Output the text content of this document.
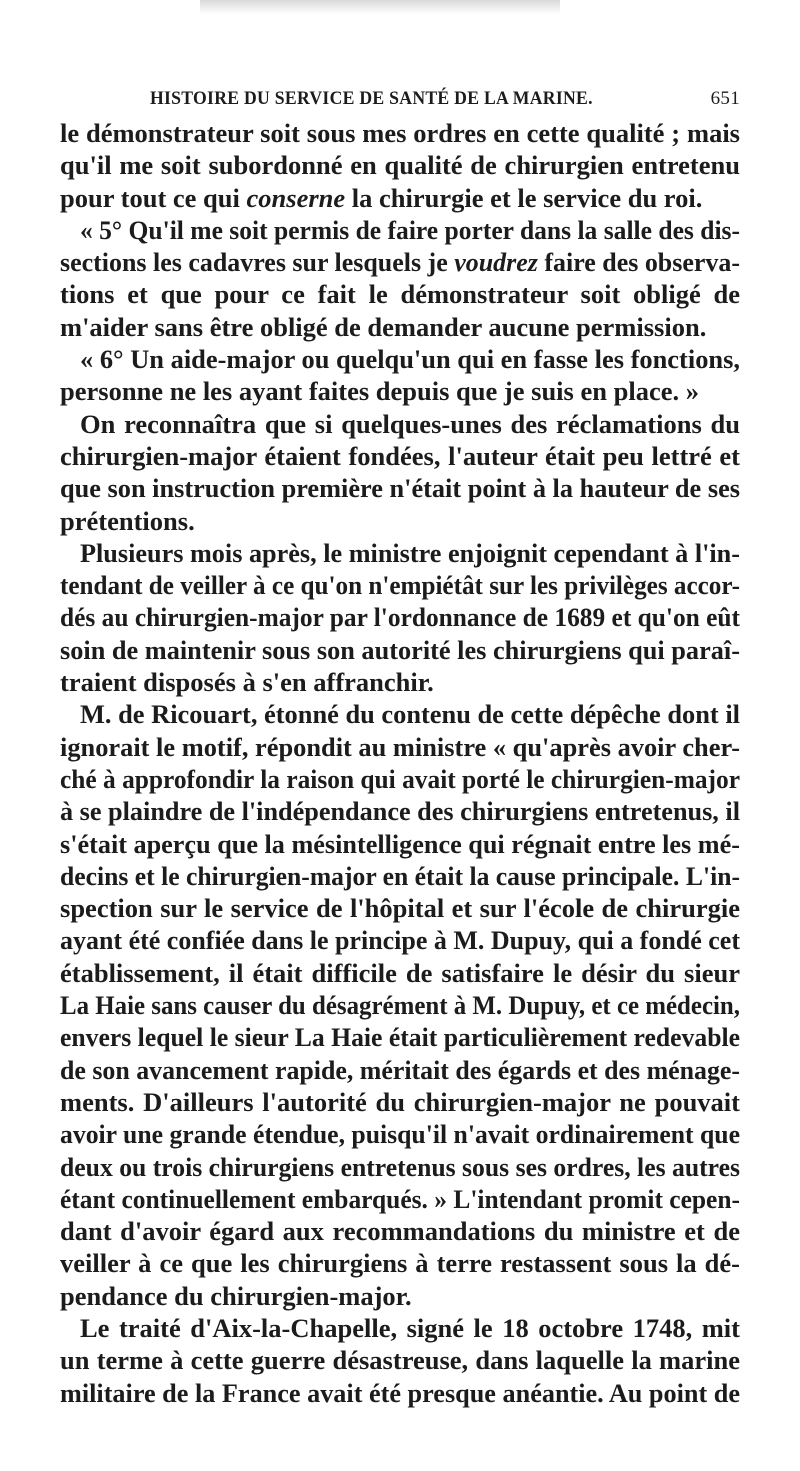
HISTOIRE DU SERVICE DE SANTÉ DE LA MARINE.	651
le démonstrateur soit sous mes ordres en cette qualité ; mais
qu'il me soit subordonné en qualité de chirurgien entretenu
pour tout ce qui conserne la chirurgie et le service du roi.
« 5° Qu'il me soit permis de faire porter dans la salle des dis-
sections les cadavres sur lesquels je voudrez faire des observa-
tions et que pour ce fait le démonstrateur soit obligé de
m'aider sans être obligé de demander aucune permission.
« 6° Un aide-major ou quelqu'un qui en fasse les fonctions,
personne ne les ayant faites depuis que je suis en place. »
On reconnaîtra que si quelques-unes des réclamations du
chirurgien-major étaient fondées, l'auteur était peu lettré et
que son instruction première n'était point à la hauteur de ses
prétentions.
Plusieurs mois après, le ministre enjoignit cependant à l'in-
tendant de veiller à ce qu'on n'empiétât sur les privilèges accor-
dés au chirurgien-major par l'ordonnance de 1689 et qu'on eût
soin de maintenir sous son autorité les chirurgiens qui paraî-
traient disposés à s'en affranchir.
M. de Ricouart, étonné du contenu de cette dépêche dont il
ignorait le motif, répondit au ministre « qu'après avoir cher-
ché à approfondir la raison qui avait porté le chirurgien-major
à se plaindre de l'indépendance des chirurgiens entretenus, il
s'était aperçu que la mésintelligence qui régnait entre les mé-
decins et le chirurgien-major en était la cause principale. L'in-
spection sur le service de l'hôpital et sur l'école de chirurgie
ayant été confiée dans le principe à M. Dupuy, qui a fondé cet
établissement, il était difficile de satisfaire le désir du sieur
La Haie sans causer du désagrément à M. Dupuy, et ce médecin,
envers lequel le sieur La Haie était particulièrement redevable
de son avancement rapide, méritait des égards et des ménage-
ments. D'ailleurs l'autorité du chirurgien-major ne pouvait
avoir une grande étendue, puisqu'il n'avait ordinairement que
deux ou trois chirurgiens entretenus sous ses ordres, les autres
étant continuellement embarqués. » L'intendant promit cepen-
dant d'avoir égard aux recommandations du ministre et de
veiller à ce que les chirurgiens à terre restassent sous la dé-
pendance du chirurgien-major.
Le traité d'Aix-la-Chapelle, signé le 18 octobre 1748, mit
un terme à cette guerre désastreuse, dans laquelle la marine
militaire de la France avait été presque anéantie. Au point de
